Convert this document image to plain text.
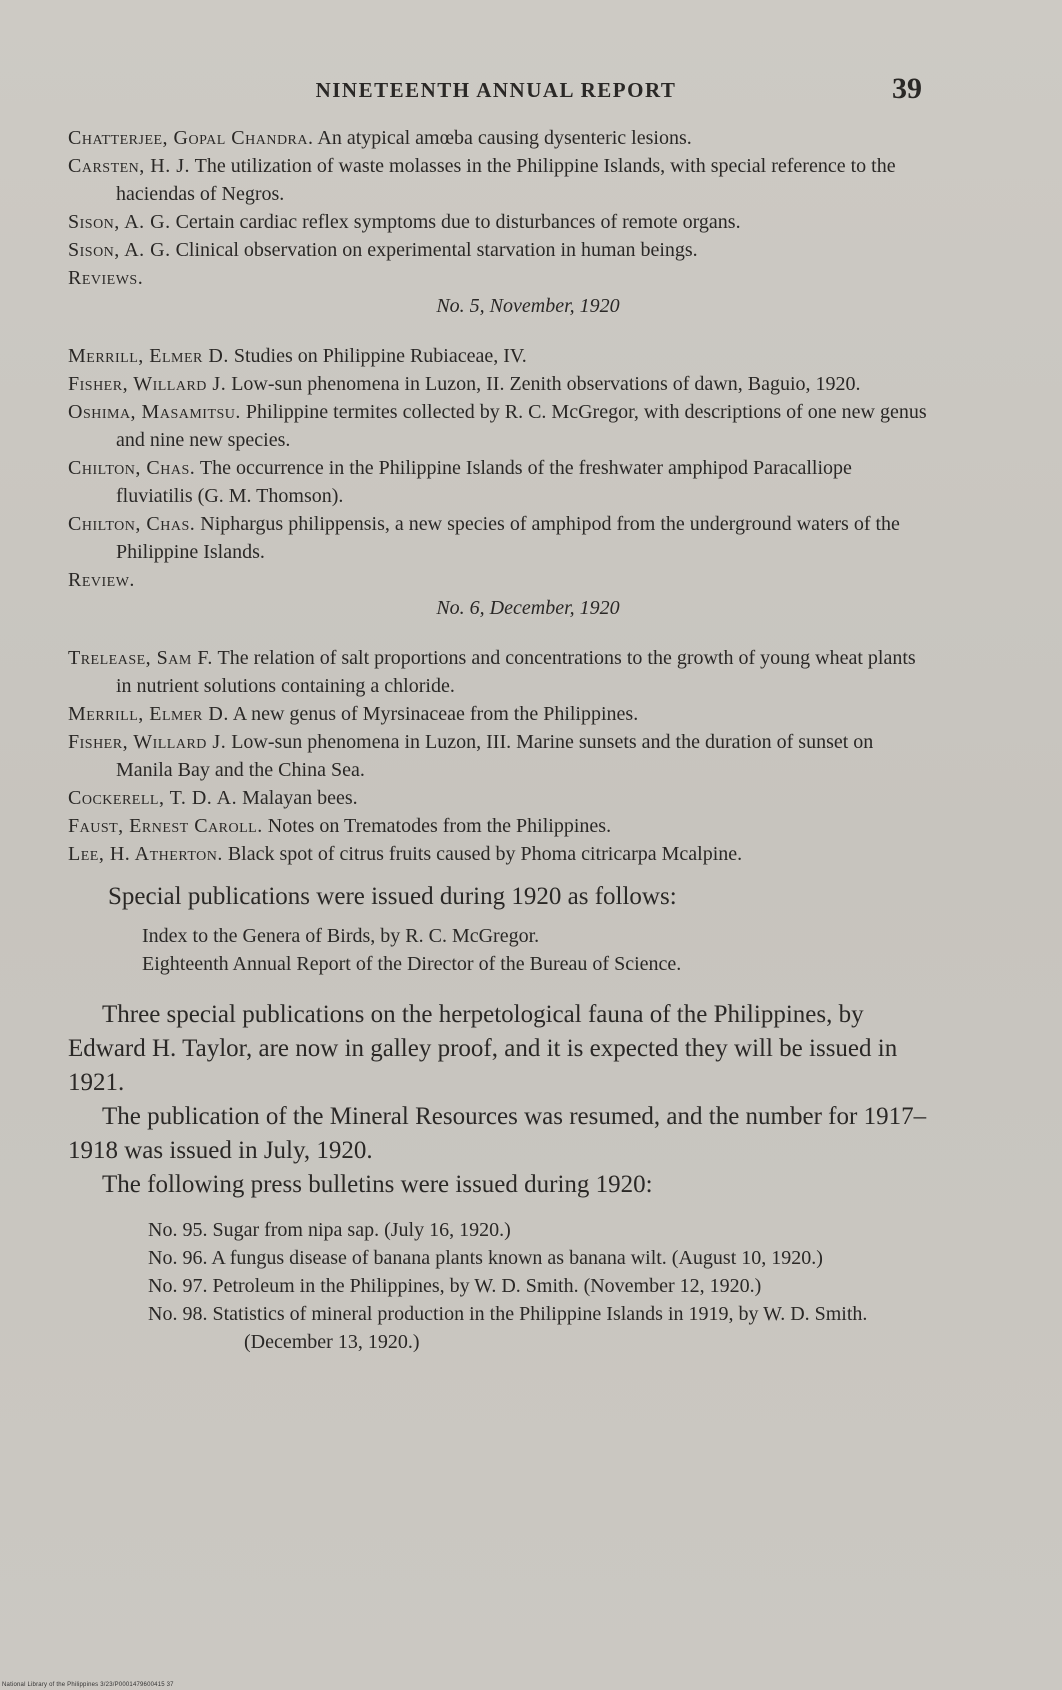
NINETEENTH ANNUAL REPORT	39

Chatterjee, Gopal Chandra. An atypical amœba causing dysenteric lesions.

Carsten, H. J. The utilization of waste molasses in the Philippine Islands, with special reference to the haciendas of Negros.

Sison, A. G. Certain cardiac reflex symptoms due to disturbances of remote organs.

Sison, A. G. Clinical observation on experimental starvation in human beings.

Reviews.

No. 5, November, 1920

Merrill, Elmer D. Studies on Philippine Rubiaceae, IV.

Fisher, Willard J. Low-sun phenomena in Luzon, II. Zenith observations of dawn, Baguio, 1920.

Oshima, Masamitsu. Philippine termites collected by R. C. McGregor, with descriptions of one new genus and nine new species.

Chilton, Chas. The occurrence in the Philippine Islands of the freshwater amphipod Paracalliope fluviatilis (G. M. Thomson).

Chilton, Chas. Niphargus philippensis, a new species of amphipod from the underground waters of the Philippine Islands.

Review.

No. 6, December, 1920

Trelease, Sam F. The relation of salt proportions and concentrations to the growth of young wheat plants in nutrient solutions containing a chloride.

Merrill, Elmer D. A new genus of Myrsinaceae from the Philippines.

Fisher, Willard J. Low-sun phenomena in Luzon, III. Marine sunsets and the duration of sunset on Manila Bay and the China Sea.

Cockerell, T. D. A. Malayan bees.

Faust, Ernest Caroll. Notes on Trematodes from the Philippines.

Lee, H. Atherton. Black spot of citrus fruits caused by Phoma citricarpa Mcalpine.

Special publications were issued during 1920 as follows:

Index to the Genera of Birds, by R. C. McGregor.

Eighteenth Annual Report of the Director of the Bureau of Science.

Three special publications on the herpetological fauna of the Philippines, by Edward H. Taylor, are now in galley proof, and it is expected they will be issued in 1921.

The publication of the Mineral Resources was resumed, and the number for 1917–1918 was issued in July, 1920.

The following press bulletins were issued during 1920:

No. 95. Sugar from nipa sap. (July 16, 1920.)

No. 96. A fungus disease of banana plants known as banana wilt. (August 10, 1920.)

No. 97. Petroleum in the Philippines, by W. D. Smith. (November 12, 1920.)

No. 98. Statistics of mineral production in the Philippine Islands in 1919, by W. D. Smith. (December 13, 1920.)

National Library of the Philippines 3/23/P0001479600415 37
